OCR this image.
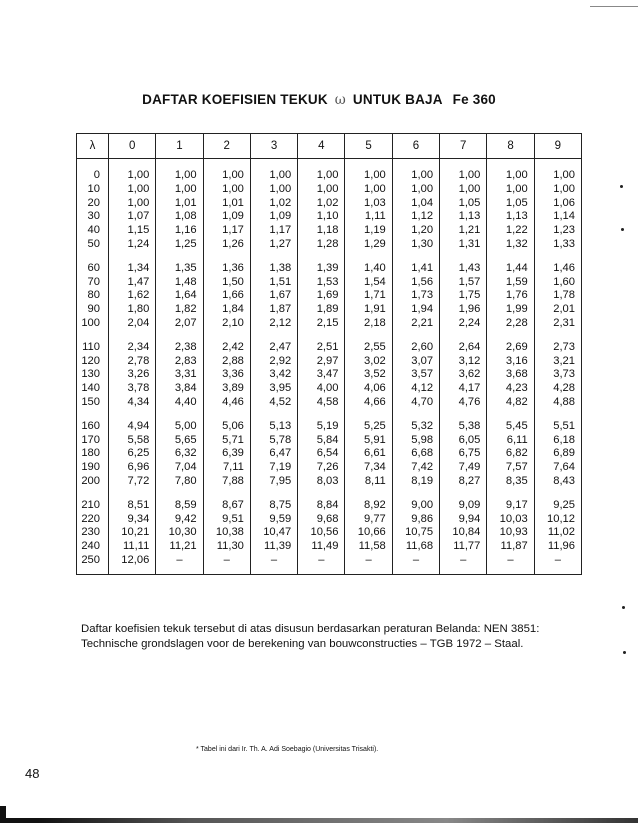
DAFTAR KOEFISIEN TEKUK ω UNTUK BAJA Fe 360
λ	0	1	2	3	4	5	6	7	8	9
0	1,00	1,00	1,00	1,00	1,00	1,00	1,00	1,00	1,00	1,00
10	1,00	1,00	1,00	1,00	1,00	1,00	1,00	1,00	1,00	1,00
20	1,00	1,01	1,01	1,02	1,02	1,03	1,04	1,05	1,05	1,06
30	1,07	1,08	1,09	1,09	1,10	1,11	1,12	1,13	1,13	1,14
40	1,15	1,16	1,17	1,17	1,18	1,19	1,20	1,21	1,22	1,23
50	1,24	1,25	1,26	1,27	1,28	1,29	1,30	1,31	1,32	1,33
60	1,34	1,35	1,36	1,38	1,39	1,40	1,41	1,43	1,44	1,46
70	1,47	1,48	1,50	1,51	1,53	1,54	1,56	1,57	1,59	1,60
80	1,62	1,64	1,66	1,67	1,69	1,71	1,73	1,75	1,76	1,78
90	1,80	1,82	1,84	1,87	1,89	1,91	1,94	1,96	1,99	2,01
100	2,04	2,07	2,10	2,12	2,15	2,18	2,21	2,24	2,28	2,31
110	2,34	2,38	2,42	2,47	2,51	2,55	2,60	2,64	2,69	2,73
120	2,78	2,83	2,88	2,92	2,97	3,02	3,07	3,12	3,16	3,21
130	3,26	3,31	3,36	3,42	3,47	3,52	3,57	3,62	3,68	3,73
140	3,78	3,84	3,89	3,95	4,00	4,06	4,12	4,17	4,23	4,28
150	4,34	4,40	4,46	4,52	4,58	4,66	4,70	4,76	4,82	4,88
160	4,94	5,00	5,06	5,13	5,19	5,25	5,32	5,38	5,45	5,51
170	5,58	5,65	5,71	5,78	5,84	5,91	5,98	6,05	6,11	6,18
180	6,25	6,32	6,39	6,47	6,54	6,61	6,68	6,75	6,82	6,89
190	6,96	7,04	7,11	7,19	7,26	7,34	7,42	7,49	7,57	7,64
200	7,72	7,80	7,88	7,95	8,03	8,11	8,19	8,27	8,35	8,43
210	8,51	8,59	8,67	8,75	8,84	8,92	9,00	9,09	9,17	9,25
220	9,34	9,42	9,51	9,59	9,68	9,77	9,86	9,94	10,03	10,12
230	10,21	10,30	10,38	10,47	10,56	10,66	10,75	10,84	10,93	11,02
240	11,11	11,21	11,30	11,39	11,49	11,58	11,68	11,77	11,87	11,96
250	12,06	–	–	–	–	–	–	–	–	–
Daftar koefisien tekuk tersebut di atas disusun berdasarkan peraturan Belanda: NEN 3851:
Technische grondslagen voor de berekening van bouwconstructies – TGB 1972 – Staal.
* Tabel ini dari Ir. Th. A. Adi Soebagio (Universitas Trisakti).
48
